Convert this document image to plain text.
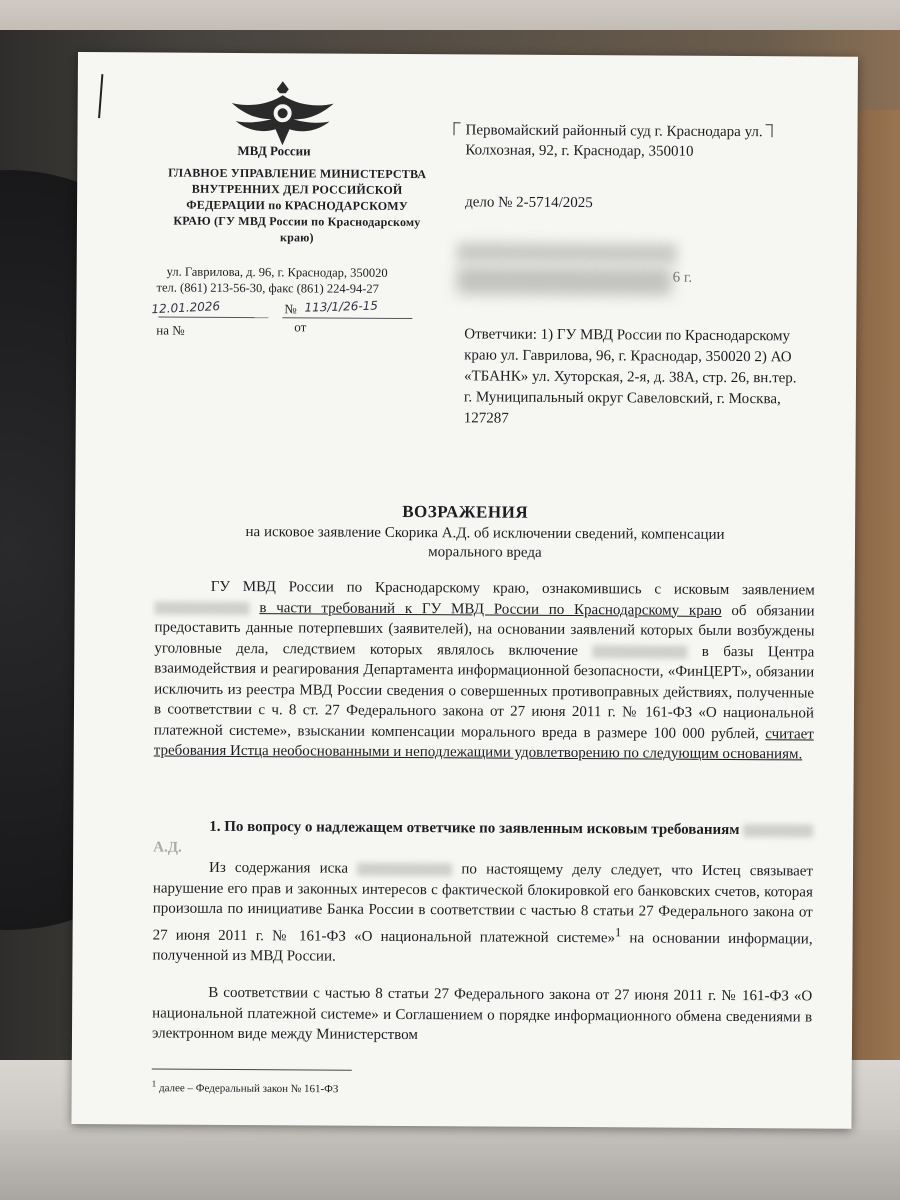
МВД России
ГЛАВНОЕ УПРАВЛЕНИЕ МИНИСТЕРСТВА ВНУТРЕННИХ ДЕЛ РОССИЙСКОЙ ФЕДЕРАЦИИ по КРАСНОДАРСКОМУ КРАЮ (ГУ МВД России по Краснодарскому краю)
ул. Гаврилова, д. 96, г. Краснодар, 350020
тел. (861) 213-56-30, факс (861) 224-94-27
12.01.2026	№ 113/1/26-15
на №	от
Первомайский районный суд г. Краснодара ул. Колхозная, 92, г. Краснодар, 350010
дело № 2-5714/2025
6 г.
Ответчики: 1) ГУ МВД России по Краснодарскому краю ул. Гаврилова, 96, г. Краснодар, 350020 2) АО «ТБАНК» ул. Хуторская, 2-я, д. 38А, стр. 26, вн.тер. г. Муниципальный округ Савеловский, г. Москва, 127287
ВОЗРАЖЕНИЯ
на исковое заявление Скорика А.Д. об исключении сведений, компенсации морального вреда
ГУ МВД России по Краснодарскому краю, ознакомившись с исковым заявлением  в части требований к ГУ МВД России по Краснодарскому краю об обязании предоставить данные потерпевших (заявителей), на основании заявлений которых были возбуждены уголовные дела, следствием которых являлось включение	в базы Центра взаимодействия и реагирования Департамента информационной безопасности, «ФинЦЕРТ», обязании исключить из реестра МВД России сведения о совершенных противоправных действиях, полученные в соответствии с ч. 8 ст. 27 Федерального закона от 27 июня 2011 г. № 161-ФЗ «О национальной платежной системе», взыскании компенсации морального вреда в размере 100 000 рублей, считает требования Истца необоснованными и неподлежащими удовлетворению по следующим основаниям.
1. По вопросу о надлежащем ответчике по заявленным исковым требованиям  А.Д.
Из содержания иска	по настоящему делу следует, что Истец связывает нарушение его прав и законных интересов с фактической блокировкой его банковских счетов, которая произошла по инициативе Банка России в соответствии с частью 8 статьи 27 Федерального закона от 27 июня 2011 г. № 161-ФЗ «О национальной платежной системе»$^1$ на основании информации, полученной из МВД России.
В соответствии с частью 8 статьи 27 Федерального закона от 27 июня 2011 г. № 161-ФЗ «О национальной платежной системе» и Соглашением о порядке информационного обмена сведениями в электронном виде между Министерством
$^1$ далее – Федеральный закон № 161-ФЗ
